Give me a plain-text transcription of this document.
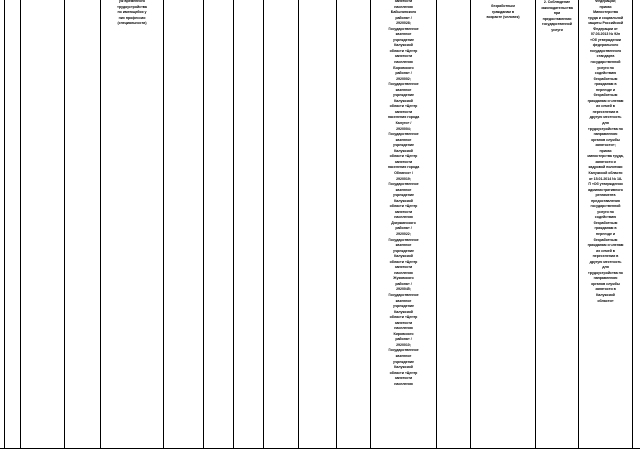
уж временного
трудоустройства
по имеющейся у
них профессии
(специальности)
занятости
населения
Бабынинского
района» /
2920028;
Государственное
казенное
учреждение
Калужской
области «Центр
занятости
населения
Боровского
района» /
2920002;
Государственное
казенное
учреждение
Калужской
области «Центр
занятости
населения города
Калуги» /
2920004;
Государственное
казенное
учреждение
Калужской
области «Центр
занятости
населения города
Обнинск» /
2920019;
Государственное
казенное
учреждение
Калужской
области «Центр
занятости
населения
Дзержинского
района» /
2920022;
Государственное
казенное
учреждение
Калужской
области «Центр
занятости
населения
Жуковского
района» /
2920045;
Государственное
казенное
учреждение
Калужской
области «Центр
занятости
населения
Кировского
района» /
2920010;
Государственное
казенное
учреждение
Калужской
области «Центр
занятости
населения
безработным
гражданам в
возрасте (человек)
2. Соблюдение
законодательства
при
предоставлении
государственной
услуги
Федерации;
приказ
Министерства
труда и социальной
защиты Российской
Федерации от
07.03.2013 № 92н
«Об утверждении
федерального
государственного
стандарта
государственной
услуги по
содействию
безработным
гражданам в
переезде и
безработным
гражданам и членам
их семей в
переселении в
другую местность
для
трудоустройства по
направлению
органов службы
занятости»;
приказ
министерства труда,
занятости и
кадровой политики
Калужской области
от 15.01.2014 № 18-
П «Об утверждении
административного
регламента
предоставления
государственной
услуги по
содействию
безработным
гражданам в
переезде и
безработным
гражданам и членам
их семей в
переселении в
другую местность
для
трудоустройства по
направлению
органов службы
занятости в
Калужской
области»
